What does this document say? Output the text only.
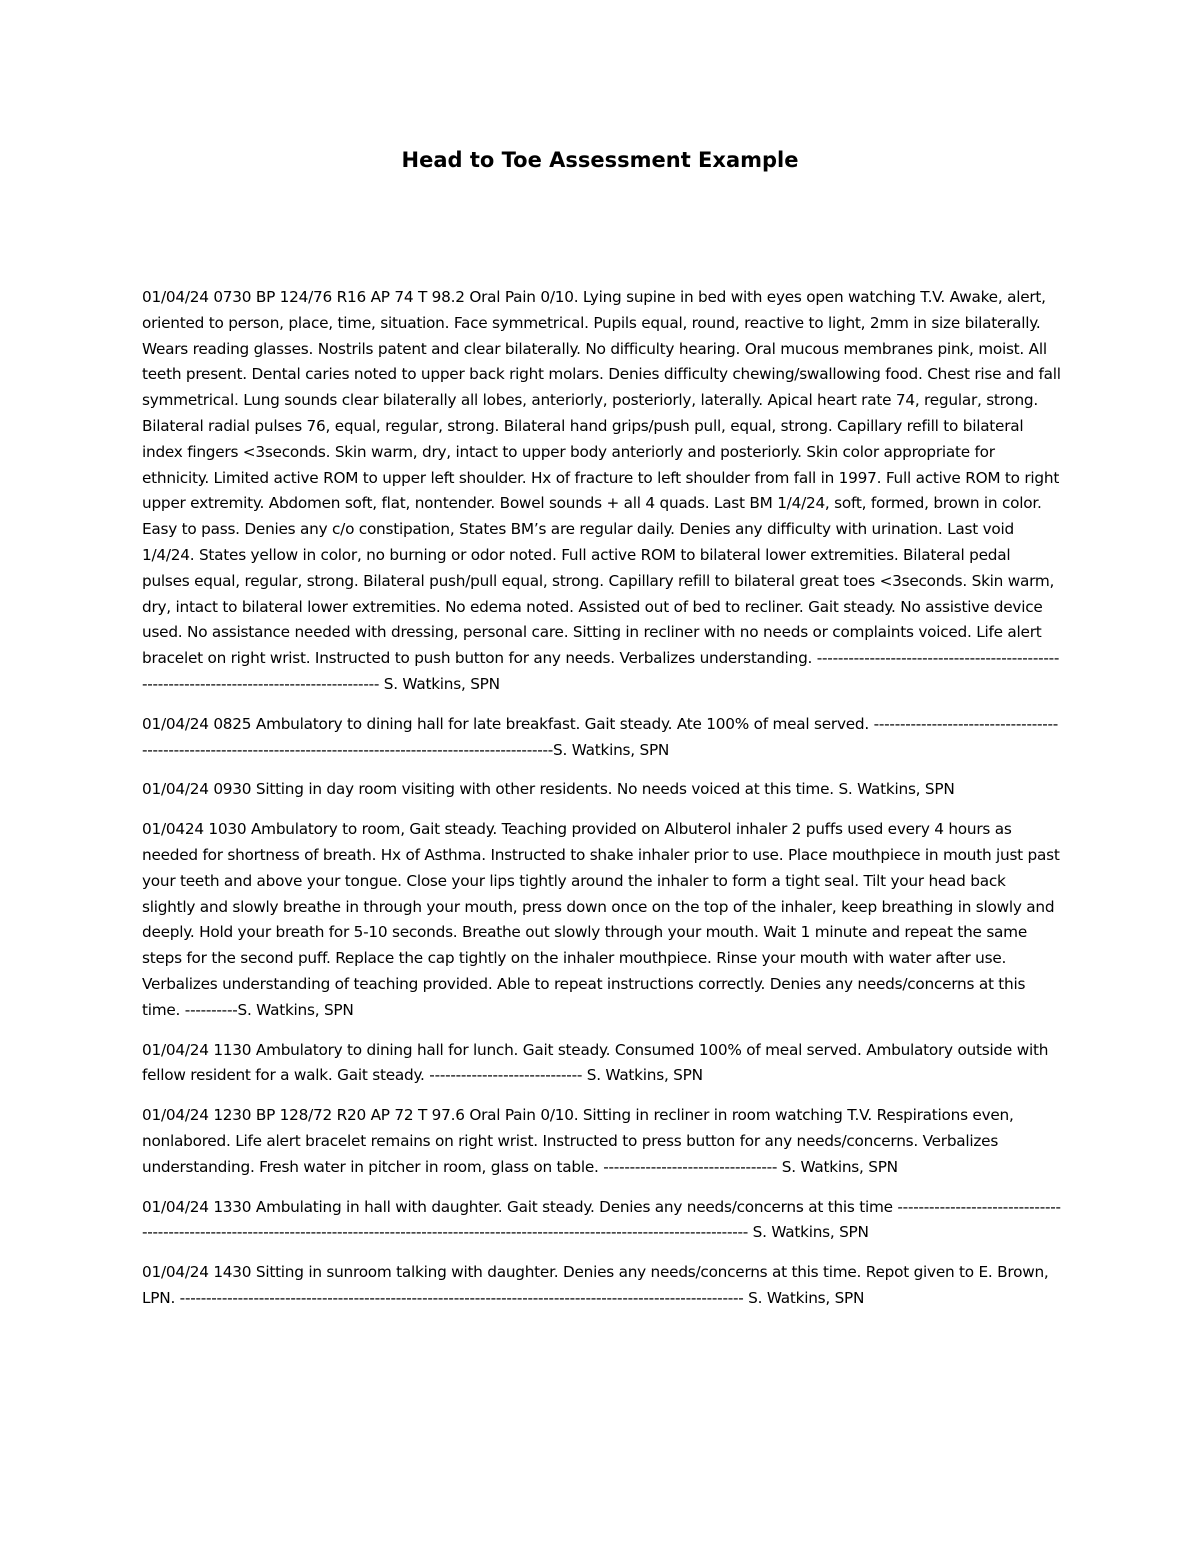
Head to Toe Assessment Example

01/04/24 0730 BP 124/76 R16 AP 74 T 98.2 Oral Pain 0/10. Lying supine in bed with eyes open watching T.V. Awake, alert, oriented to person, place, time, situation. Face symmetrical. Pupils equal, round, reactive to light, 2mm in size bilaterally. Wears reading glasses. Nostrils patent and clear bilaterally. No difficulty hearing. Oral mucous membranes pink, moist. All teeth present. Dental caries noted to upper back right molars. Denies difficulty chewing/swallowing food. Chest rise and fall symmetrical. Lung sounds clear bilaterally all lobes, anteriorly, posteriorly, laterally. Apical heart rate 74, regular, strong. Bilateral radial pulses 76, equal, regular, strong. Bilateral hand grips/push pull, equal, strong. Capillary refill to bilateral index fingers <3seconds. Skin warm, dry, intact to upper body anteriorly and posteriorly. Skin color appropriate for ethnicity. Limited active ROM to upper left shoulder. Hx of fracture to left shoulder from fall in 1997. Full active ROM to right upper extremity. Abdomen soft, flat, nontender. Bowel sounds + all 4 quads. Last BM 1/4/24, soft, formed, brown in color. Easy to pass. Denies any c/o constipation, States BM’s are regular daily. Denies any difficulty with urination. Last void 1/4/24. States yellow in color, no burning or odor noted. Full active ROM to bilateral lower extremities. Bilateral pedal pulses equal, regular, strong. Bilateral push/pull equal, strong. Capillary refill to bilateral great toes <3seconds. Skin warm, dry, intact to bilateral lower extremities. No edema noted. Assisted out of bed to recliner. Gait steady. No assistive device used. No assistance needed with dressing, personal care. Sitting in recliner with no needs or complaints voiced. Life alert bracelet on right wrist. Instructed to push button for any needs. Verbalizes understanding. ------------------------------------------------------------------------------------------- S. Watkins, SPN

01/04/24 0825 Ambulatory to dining hall for late breakfast. Gait steady. Ate 100% of meal served. -----------------------------------------------------------------------------------------------------------------S. Watkins, SPN

01/04/24 0930 Sitting in day room visiting with other residents. No needs voiced at this time. S. Watkins, SPN

01/0424 1030 Ambulatory to room, Gait steady. Teaching provided on Albuterol inhaler 2 puffs used every 4 hours as needed for shortness of breath. Hx of Asthma. Instructed to shake inhaler prior to use. Place mouthpiece in mouth just past your teeth and above your tongue. Close your lips tightly around the inhaler to form a tight seal. Tilt your head back slightly and slowly breathe in through your mouth, press down once on the top of the inhaler, keep breathing in slowly and deeply. Hold your breath for 5-10 seconds. Breathe out slowly through your mouth. Wait 1 minute and repeat the same steps for the second puff. Replace the cap tightly on the inhaler mouthpiece. Rinse your mouth with water after use. Verbalizes understanding of teaching provided. Able to repeat instructions correctly. Denies any needs/concerns at this time. ----------S. Watkins, SPN

01/04/24 1130 Ambulatory to dining hall for lunch. Gait steady. Consumed 100% of meal served. Ambulatory outside with fellow resident for a walk. Gait steady. ----------------------------- S. Watkins, SPN

01/04/24 1230 BP 128/72 R20 AP 72 T 97.6 Oral Pain 0/10. Sitting in recliner in room watching T.V. Respirations even, nonlabored. Life alert bracelet remains on right wrist. Instructed to press button for any needs/concerns. Verbalizes understanding. Fresh water in pitcher in room, glass on table. --------------------------------- S. Watkins, SPN

01/04/24 1330 Ambulating in hall with daughter. Gait steady. Denies any needs/concerns at this time -------------------------------------------------------------------------------------------------------------------------------------------------- S. Watkins, SPN

01/04/24 1430 Sitting in sunroom talking with daughter. Denies any needs/concerns at this time. Repot given to E. Brown, LPN. ----------------------------------------------------------------------------------------------------------- S. Watkins, SPN
